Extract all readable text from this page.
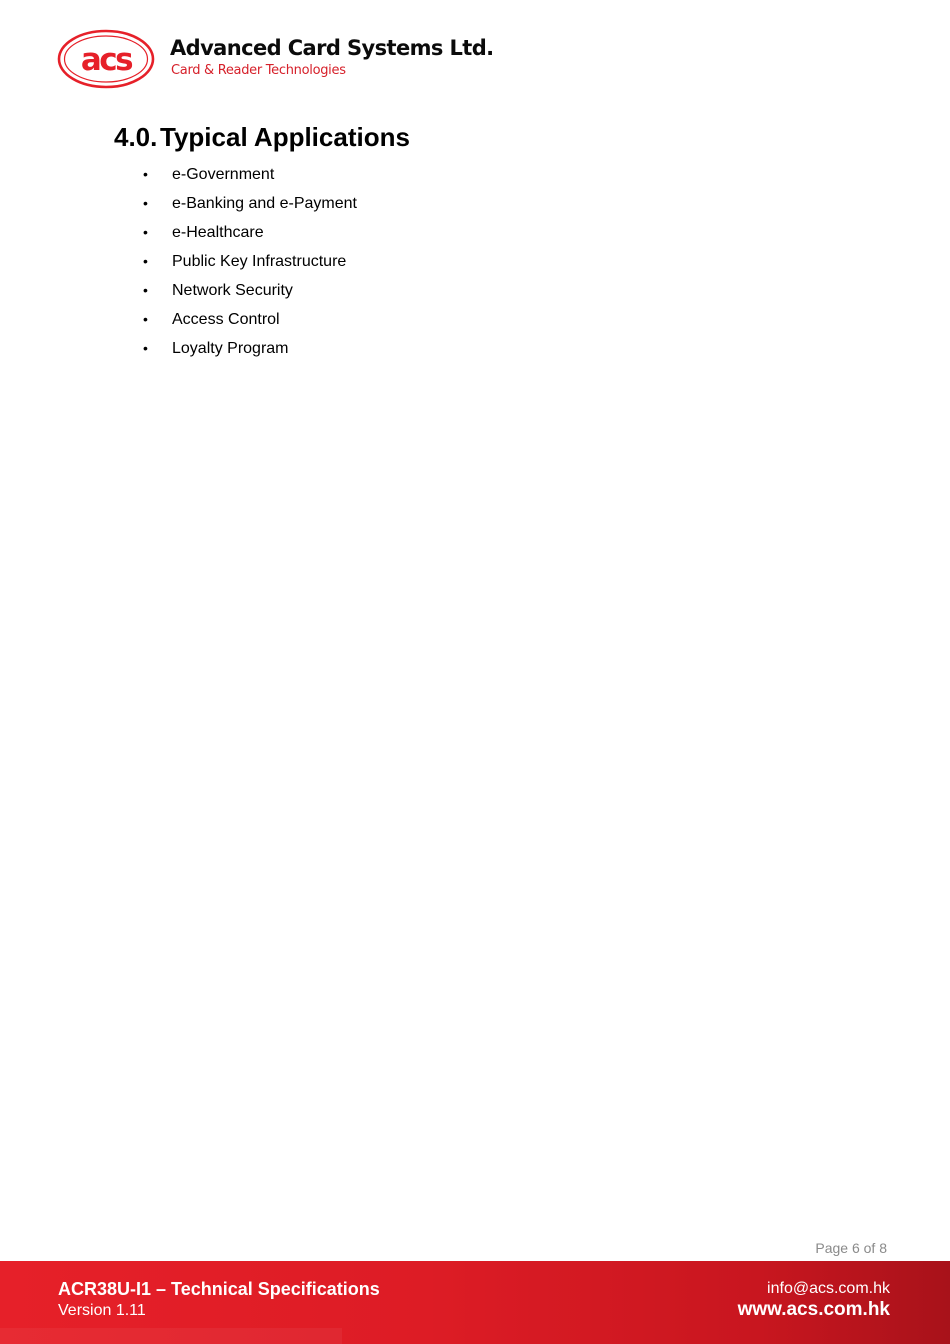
acs Advanced Card Systems Ltd.
Card & Reader Technologies
4.0. Typical Applications
• e-Government
• e-Banking and e-Payment
• e-Healthcare
• Public Key Infrastructure
• Network Security
• Access Control
• Loyalty Program
Page 6 of 8
ACR38U-I1 – Technical Specifications
Version 1.11
info@acs.com.hk
www.acs.com.hk
